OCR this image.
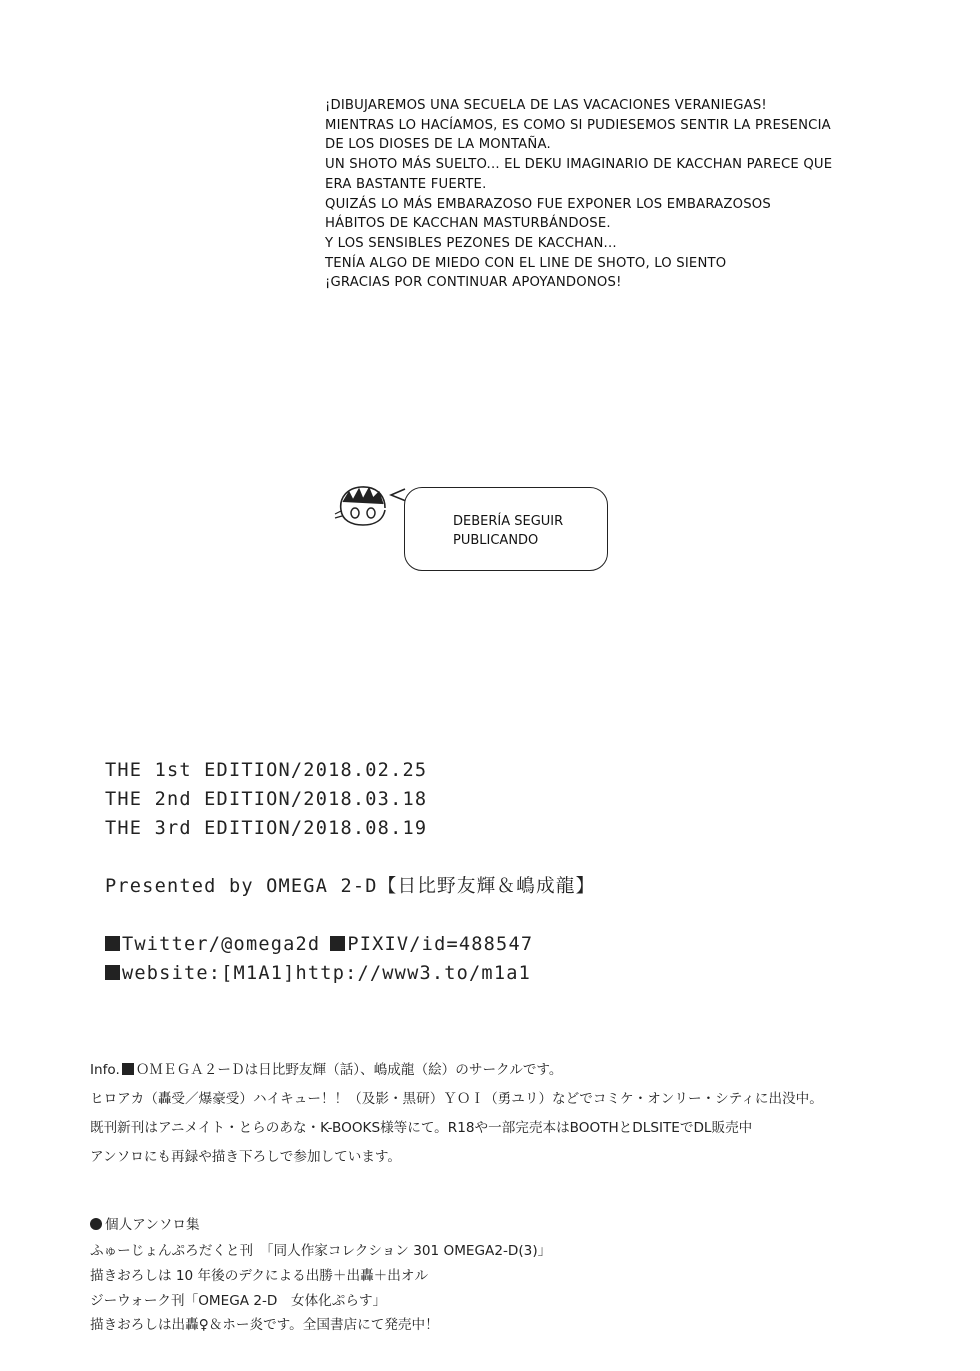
¡DIBUJAREMOS UNA SECUELA DE LAS VACACIONES VERANIEGAS!
MIENTRAS LO HACÍAMOS, ES COMO SI PUDIESEMOS SENTIR LA PRESENCIA
DE LOS DIOSES DE LA MONTAÑA.
UN SHOTO MÁS SUELTO... EL DEKU IMAGINARIO DE KACCHAN PARECE QUE
ERA BASTANTE FUERTE.
QUIZÁS LO MÁS EMBARAZOSO FUE EXPONER LOS EMBARAZOSOS
HÁBITOS DE KACCHAN MASTURBÁNDOSE.
Y LOS SENSIBLES PEZONES DE KACCHAN...
TENÍA ALGO DE MIEDO CON EL LINE DE SHOTO, LO SIENTO
¡GRACIAS POR CONTINUAR APOYANDONOS!
DEBERÍA SEGUIR
PUBLICANDO
THE 1st EDITION/2018.02.25
THE 2nd EDITION/2018.03.18
THE 3rd EDITION/2018.08.19
Presented by OMEGA 2-D【日比野友輝＆嶋成龍】
Twitter/@omega2d PIXIV/id=488547
website:[M1A1]http://www3.to/m1a1
Info. ＯＭＥＧＡ２ーＤは日比野友輝（話）、嶋成龍（絵）のサークルです。
ヒロアカ（轟受／爆豪受）ハイキュー！！（及影・黒研）ＹＯＩ（勇ユリ）などでコミケ・オンリー・シティに出没中。
既刊新刊はアニメイト・とらのあな・K-BOOKS様等にて。R18や一部完売本はBOOTHとDLSITEでDL販売中
アンソロにも再録や描き下ろしで参加しています。
個人アンソロ集
ふゅーじょんぷろだくと刊　「同人作家コレクション 301 OMEGA2-D(3)」
描きおろしは 10 年後のデクによる出勝＋出轟＋出オル
ジーウォーク刊「OMEGA 2-D　女体化ぷらす」
描きおろしは出轟♀＆ホー炎です。全国書店にて発売中！
